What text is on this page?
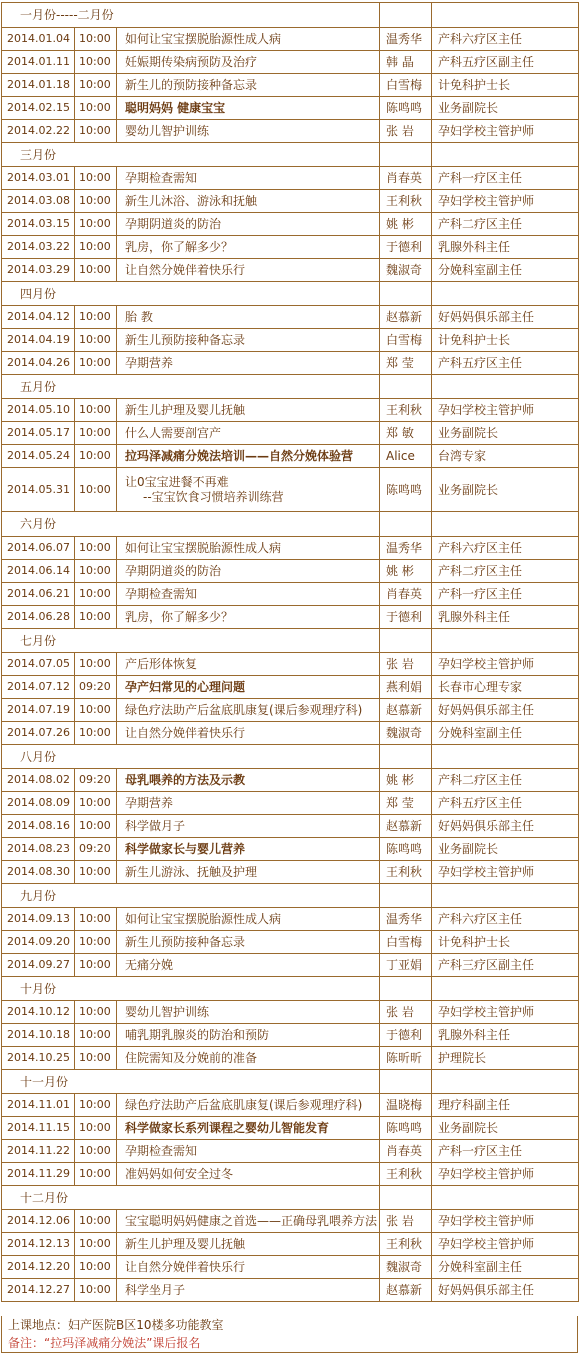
一月份-----二月份				
2014.01.04	10:00	如何让宝宝摆脱胎源性成人病	温秀华	产科六疗区主任
2014.01.11	10:00	妊娠期传染病预防及治疗	韩 晶	产科五疗区副主任
2014.01.18	10:00	新生儿的预防接种备忘录	白雪梅	计免科护士长
2014.02.15	10:00	聪明妈妈 健康宝宝	陈鸣鸣	业务副院长
2014.02.22	10:00	婴幼儿智护训练	张 岩	孕妇学校主管护师
三月份				
2014.03.01	10:00	孕期检查需知	肖春英	产科一疗区主任
2014.03.08	10:00	新生儿沐浴、游泳和抚触	王利秋	孕妇学校主管护师
2014.03.15	10:00	孕期阴道炎的防治	姚 彬	产科二疗区主任
2014.03.22	10:00	乳房，你了解多少？	于德利	乳腺外科主任
2014.03.29	10:00	让自然分娩伴着快乐行	魏淑奇	分娩科室副主任
四月份				
2014.04.12	10:00	胎 教	赵慕新	好妈妈俱乐部主任
2014.04.19	10:00	新生儿预防接种备忘录	白雪梅	计免科护士长
2014.04.26	10:00	孕期营养	郑 莹	产科五疗区主任
五月份				
2014.05.10	10:00	新生儿护理及婴儿抚触	王利秋	孕妇学校主管护师
2014.05.17	10:00	什么人需要剖宫产	郑 敏	业务副院长
2014.05.24	10:00	拉玛泽减痛分娩法培训——自然分娩体验营	Alice	台湾专家
2014.05.31	10:00	让0宝宝进餐不再难
--宝宝饮食习惯培养训练营	陈鸣鸣	业务副院长
六月份				
2014.06.07	10:00	如何让宝宝摆脱胎源性成人病	温秀华	产科六疗区主任
2014.06.14	10:00	孕期阴道炎的防治	姚 彬	产科二疗区主任
2014.06.21	10:00	孕期检查需知	肖春英	产科一疗区主任
2014.06.28	10:00	乳房，你了解多少？	于德利	乳腺外科主任
七月份				
2014.07.05	10:00	产后形体恢复	张 岩	孕妇学校主管护师
2014.07.12	09:20	孕产妇常见的心理问题	燕利娟	长春市心理专家
2014.07.19	10:00	绿色疗法助产后盆底肌康复(课后参观理疗科)	赵慕新	好妈妈俱乐部主任
2014.07.26	10:00	让自然分娩伴着快乐行	魏淑奇	分娩科室副主任
八月份				
2014.08.02	09:20	母乳喂养的方法及示教	姚 彬	产科二疗区主任
2014.08.09	10:00	孕期营养	郑 莹	产科五疗区主任
2014.08.16	10:00	科学做月子	赵慕新	好妈妈俱乐部主任
2014.08.23	09:20	科学做家长与婴儿营养	陈鸣鸣	业务副院长
2014.08.30	10:00	新生儿游泳、抚触及护理	王利秋	孕妇学校主管护师
九月份				
2014.09.13	10:00	如何让宝宝摆脱胎源性成人病	温秀华	产科六疗区主任
2014.09.20	10:00	新生儿预防接种备忘录	白雪梅	计免科护士长
2014.09.27	10:00	无痛分娩	丁亚娟	产科三疗区副主任
十月份				
2014.10.12	10:00	婴幼儿智护训练	张 岩	孕妇学校主管护师
2014.10.18	10:00	哺乳期乳腺炎的防治和预防	于德利	乳腺外科主任
2014.10.25	10:00	住院需知及分娩前的准备	陈昕昕	护理院长
十一月份				
2014.11.01	10:00	绿色疗法助产后盆底肌康复(课后参观理疗科)	温晓梅	理疗科副主任
2014.11.15	10:00	科学做家长系列课程之婴幼儿智能发育	陈鸣鸣	业务副院长
2014.11.22	10:00	孕期检查需知	肖春英	产科一疗区主任
2014.11.29	10:00	准妈妈如何安全过冬	王利秋	孕妇学校主管护师
十二月份				
2014.12.06	10:00	宝宝聪明妈妈健康之首选——正确母乳喂养方法	张 岩	孕妇学校主管护师
2014.12.13	10:00	新生儿护理及婴儿抚触	王利秋	孕妇学校主管护师
2014.12.20	10:00	让自然分娩伴着快乐行	魏淑奇	分娩科室副主任
2014.12.27	10:00	科学坐月子	赵慕新	好妈妈俱乐部主任
上课地点：妇产医院B区10楼多功能教室
备注：“拉玛泽减痛分娩法”课后报名
